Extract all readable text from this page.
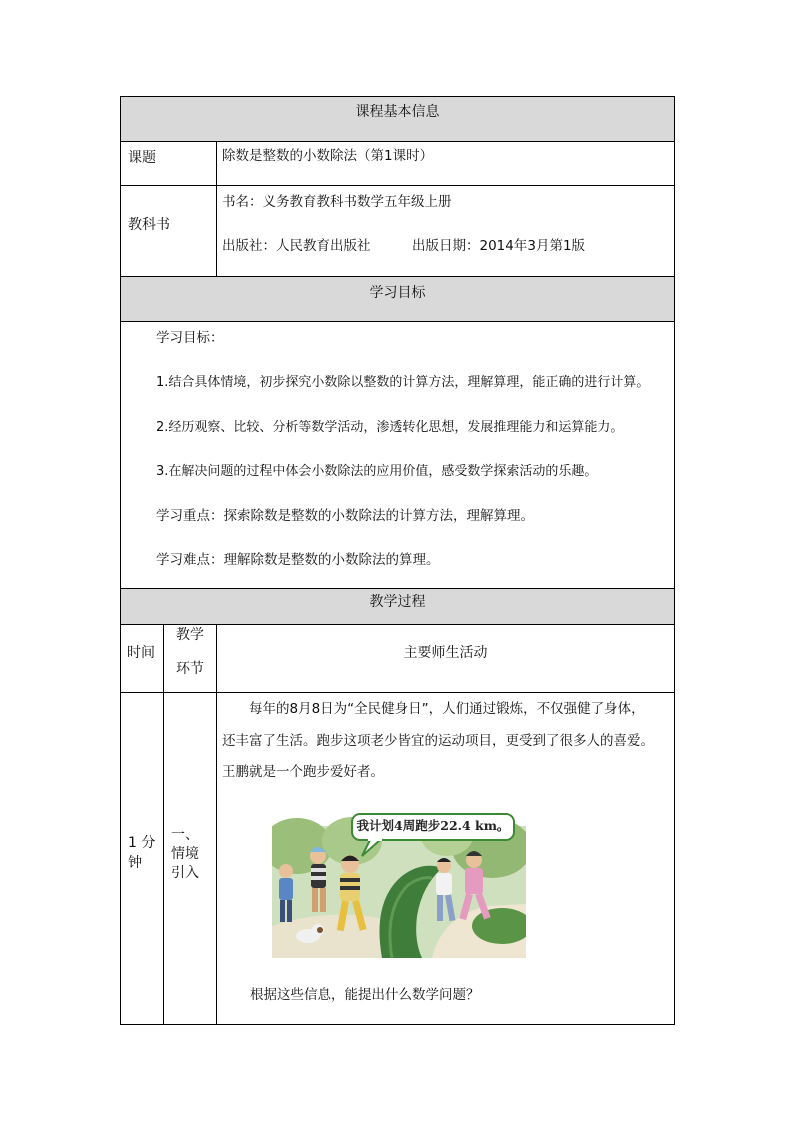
课程基本信息
课题	除数是整数的小数除法（第1课时）
教科书
书名：义务教育教科书数学五年级上册
出版社：人民教育出版社	出版日期：2014年3月第1版
学习目标
学习目标：
1.结合具体情境，初步探究小数除以整数的计算方法，理解算理，能正确的进行计算。
2.经历观察、比较、分析等数学活动，渗透转化思想，发展推理能力和运算能力。
3.在解决问题的过程中体会小数除法的应用价值，感受数学探索活动的乐趣。
学习重点：探索除数是整数的小数除法的计算方法，理解算理。
学习难点：理解除数是整数的小数除法的算理。
教学过程
时间
教学
环节
主要师生活动
1 分
钟
一、
情境
引入
每年的8月8日为“全民健身日”，人们通过锻炼，不仅强健了身体，
还丰富了生活。跑步这项老少皆宜的运动项目，更受到了很多人的喜爱。
王鹏就是一个跑步爱好者。
我计划4周跑步22.4 km。
根据这些信息，能提出什么数学问题？
